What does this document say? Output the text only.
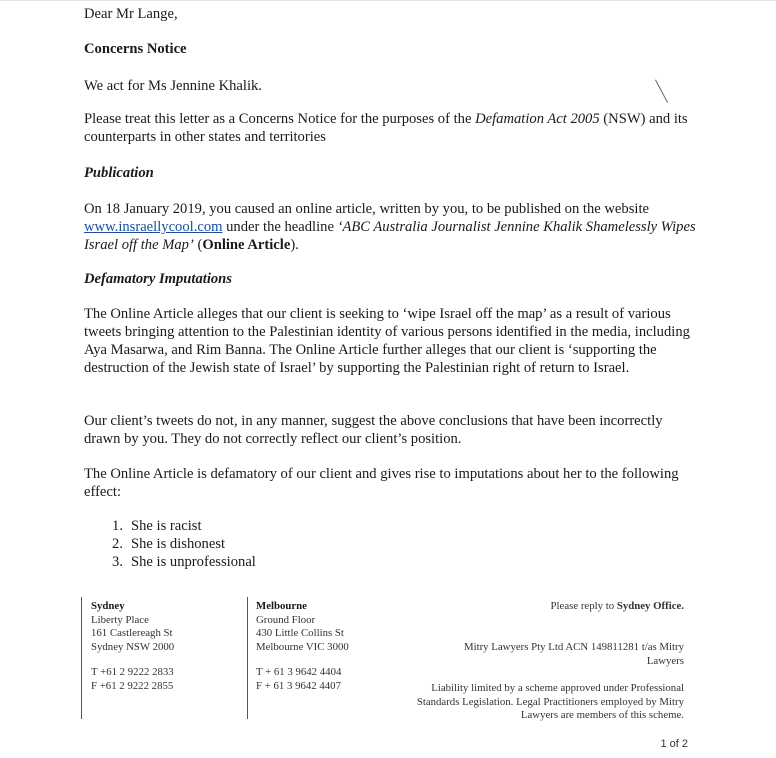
Dear Mr Lange,
Concerns Notice
We act for Ms Jennine Khalik.
Please treat this letter as a Concerns Notice for the purposes of the Defamation Act 2005 (NSW) and its counterparts in other states and territories
Publication
On 18 January 2019, you caused an online article, written by you, to be published on the website www.insraellycool.com under the headline ‘ABC Australia Journalist Jennine Khalik Shamelessly Wipes Israel off the Map’ (Online Article).
Defamatory Imputations
The Online Article alleges that our client is seeking to ‘wipe Israel off the map’ as a result of various tweets bringing attention to the Palestinian identity of various persons identified in the media, including Aya Masarwa, and Rim Banna. The Online Article further alleges that our client is ‘supporting the destruction of the Jewish state of Israel’ by supporting the Palestinian right of return to Israel.
Our client’s tweets do not, in any manner, suggest the above conclusions that have been incorrectly drawn by you. They do not correctly reflect our client’s position.
The Online Article is defamatory of our client and gives rise to imputations about her to the following effect:
1. She is racist
2. She is dishonest
3. She is unprofessional
Sydney
Liberty Place
161 Castlereagh St
Sydney NSW 2000
T +61 2 9222 2833
F +61 2 9222 2855
Melbourne
Ground Floor
430 Little Collins St
Melbourne VIC 3000
T + 61 3 9642 4404
F + 61 3 9642 4407
Please reply to Sydney Office.
Mitry Lawyers Pty Ltd ACN 149811281 t/as Mitry Lawyers
Liability limited by a scheme approved under Professional Standards Legislation. Legal Practitioners employed by Mitry Lawyers are members of this scheme.
1 of 2
